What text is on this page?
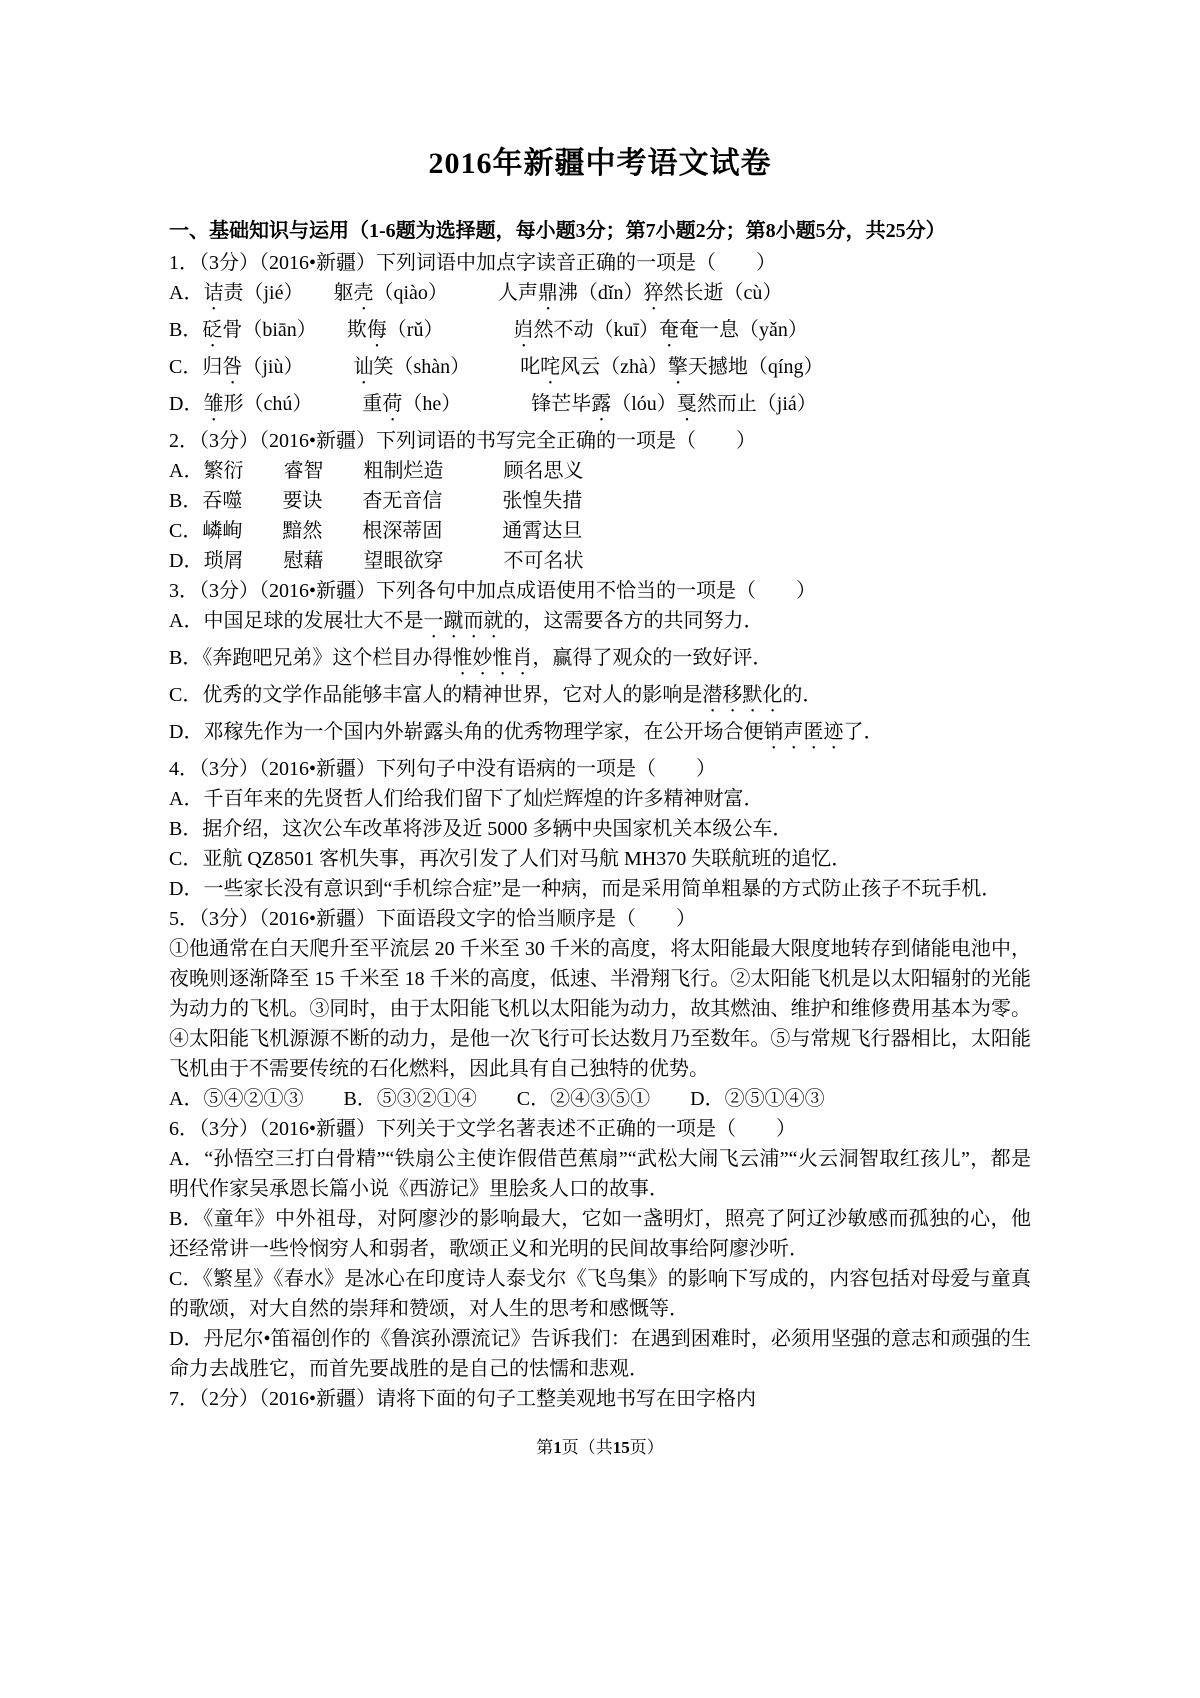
2016年新疆中考语文试卷

一、基础知识与运用（1-6题为选择题，每小题3分；第7小题2分；第8小题5分，共25分）

1．（3分）（2016•新疆）下列词语中加点字读音正确的一项是（　　）

A．诘责（jié）　　躯壳（qiào）　　　人声鼎沸（dǐn）猝然长逝（cù）

B．砭骨（biān）　　欺侮（rǔ）　　　　岿然不动（kuī）奄奄一息（yǎn）

C．归咎（jiù）　　　讪笑（shàn）　　　叱咤风云（zhà）擎天撼地（qíng）

D．雏形（chú）　　　重荷（he）　　　　锋芒毕露（lóu）戛然而止（jiá）

2．（3分）（2016•新疆）下列词语的书写完全正确的一项是（　　）

A．繁衍　　睿智　　粗制烂造　　　顾名思义

B．吞噬　　要诀　　杳无音信　　　张惶失措

C．嶙峋　　黯然　　根深蒂固　　　通霄达旦

D．琐屑　　慰藉　　望眼欲穿　　　不可名状

3．（3分）（2016•新疆）下列各句中加点成语使用不恰当的一项是（　　）

A．中国足球的发展壮大不是一蹴而就的，这需要各方的共同努力．

B．《奔跑吧兄弟》这个栏目办得惟妙惟肖，赢得了观众的一致好评．

C．优秀的文学作品能够丰富人的精神世界，它对人的影响是潜移默化的．

D．邓稼先作为一个国内外崭露头角的优秀物理学家，在公开场合便销声匿迹了．

4．（3分）（2016•新疆）下列句子中没有语病的一项是（　　）

A．千百年来的先贤哲人们给我们留下了灿烂辉煌的许多精神财富．

B．据介绍，这次公车改革将涉及近 5000 多辆中央国家机关本级公车．

C．亚航 QZ8501 客机失事，再次引发了人们对马航 MH370 失联航班的追忆．

D．一些家长没有意识到“手机综合症”是一种病，而是采用简单粗暴的方式防止孩子不玩手机．

5．（3分）（2016•新疆）下面语段文字的恰当顺序是（　　）

①他通常在白天爬升至平流层 20 千米至 30 千米的高度，将太阳能最大限度地转存到储能电池中，夜晚则逐渐降至 15 千米至 18 千米的高度，低速、半滑翔飞行。②太阳能飞机是以太阳辐射的光能为动力的飞机。③同时，由于太阳能飞机以太阳能为动力，故其燃油、维护和维修费用基本为零。④太阳能飞机源源不断的动力，是他一次飞行可长达数月乃至数年。⑤与常规飞行器相比，太阳能飞机由于不需要传统的石化燃料，因此具有自己独特的优势。

A．⑤④②①③　　B．⑤③②①④　　C．②④③⑤①　　D．②⑤①④③

6．（3分）（2016•新疆）下列关于文学名著表述不正确的一项是（　　）

A．“孙悟空三打白骨精”“铁扇公主使诈假借芭蕉扇”“武松大闹飞云浦”“火云洞智取红孩儿”，都是明代作家吴承恩长篇小说《西游记》里脍炙人口的故事．

B．《童年》中外祖母，对阿廖沙的影响最大，它如一盏明灯，照亮了阿辽沙敏感而孤独的心，他还经常讲一些怜悯穷人和弱者，歌颂正义和光明的民间故事给阿廖沙听．

C．《繁星》《春水》是冰心在印度诗人泰戈尔《飞鸟集》的影响下写成的，内容包括对母爱与童真的歌颂，对大自然的崇拜和赞颂，对人生的思考和感慨等．

D．丹尼尔•笛福创作的《鲁滨孙漂流记》告诉我们：在遇到困难时，必须用坚强的意志和顽强的生命力去战胜它，而首先要战胜的是自己的怯懦和悲观．

7．（2分）（2016•新疆）请将下面的句子工整美观地书写在田字格内

第1页（共15页）
